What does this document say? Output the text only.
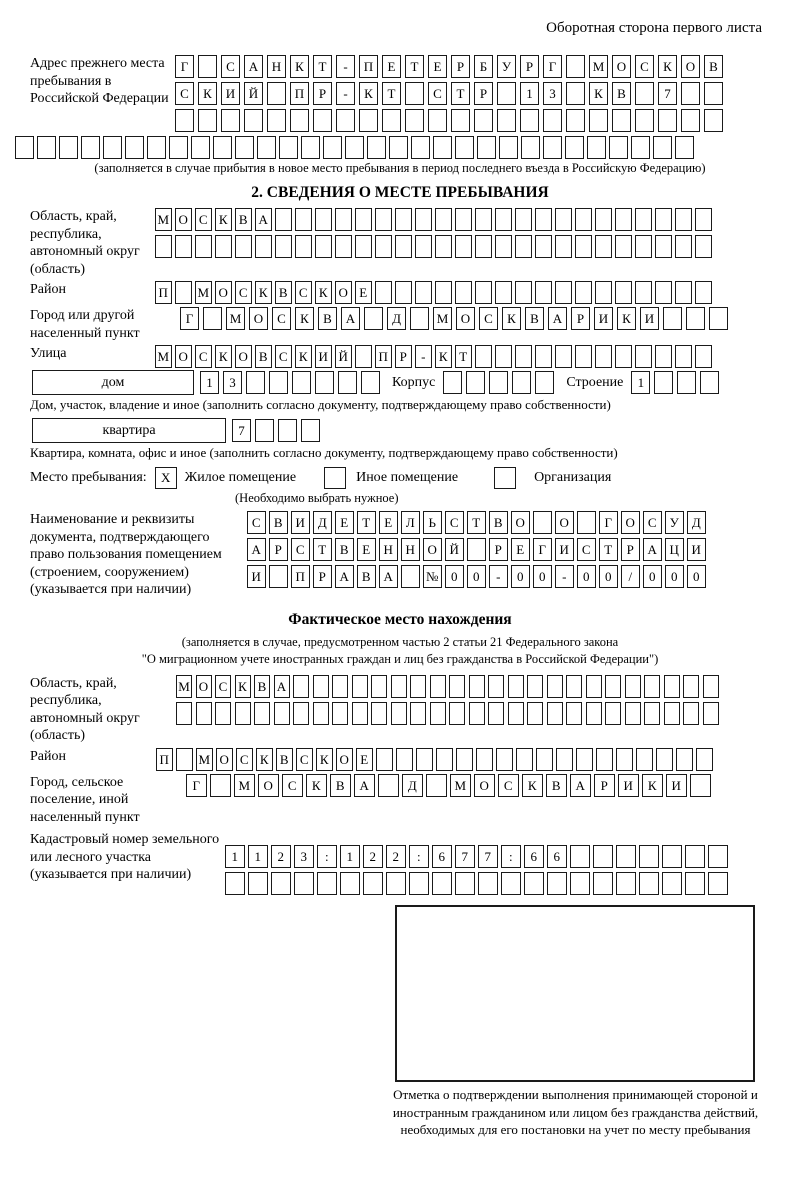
Оборотная сторона первого листа
Адрес прежнего места пребывания в Российской Федерации
Г	С	А	Н	К	Т	-	П	Е	Т	Е	Р	Б	У	Р	Г	М О	С	К	О	В
С	К	И	Й	П	Р	-	К	Т	С	Т	Р	1	3	К	В	7
(заполняется в случае прибытия в новое место пребывания в период последнего въезда в Российскую Федерацию)
2. СВЕДЕНИЯ О МЕСТЕ ПРЕБЫВАНИЯ
Область, край, республика, автономный округ (область)
М О С К В А
Район	П М О С К В С К О Е
Город или другой населенный пункт
Г	М О	С	К	В	А	Д	М О	С	К	В	А	Р	И	К	И
Улица	М О С К О В С К И Й П Р	-	К Т
дом	1	3	Корпус	Строение	1
Дом, участок, владение и иное (заполнить согласно документу, подтверждающему право собственности)
квартира	7
Квартира, комната, офис и иное (заполнить согласно документу, подтверждающему право собственности)
Место пребывания:	X	Жилое помещение	Иное помещение	Организация
(Необходимо выбрать нужное)
Наименование и реквизиты документа, подтверждающего право пользования помещением (строением, сооружением) (указывается при наличии)
С	В И Д	Е	Т	Е	Л	Ь	С	Т	В О	О	Г	О С	У Д
А	Р	С	Т	В	Е	Н Н О Й	Р	Е	Г	И С	Т	Р	А Ц И
И	П	Р	А В А	№ 0	0	-	0	0	-	0	0	/	0	0	0
Фактическое место нахождения
(заполняется в случае, предусмотренном частью 2 статьи 21 Федерального закона
"О миграционном учете иностранных граждан и лиц без гражданства в Российской Федерации")
Область, край, республика, автономный округ (область)
М О С К В А
Район	П М О С К В С К О Е
Город, сельское поселение, иной населенный пункт
Г	М	О	С	К	В	А	Д	М	О	С	К	В	А	Р	И	К	И
Кадастровый номер земельного или лесного участка (указывается при наличии)
1	1	2	3	:	1	2	2	:	6	7	7	:	6	6
Отметка о подтверждении выполнения принимающей стороной и иностранным гражданином или лицом без гражданства действий, необходимых для его постановки на учет по месту пребывания
